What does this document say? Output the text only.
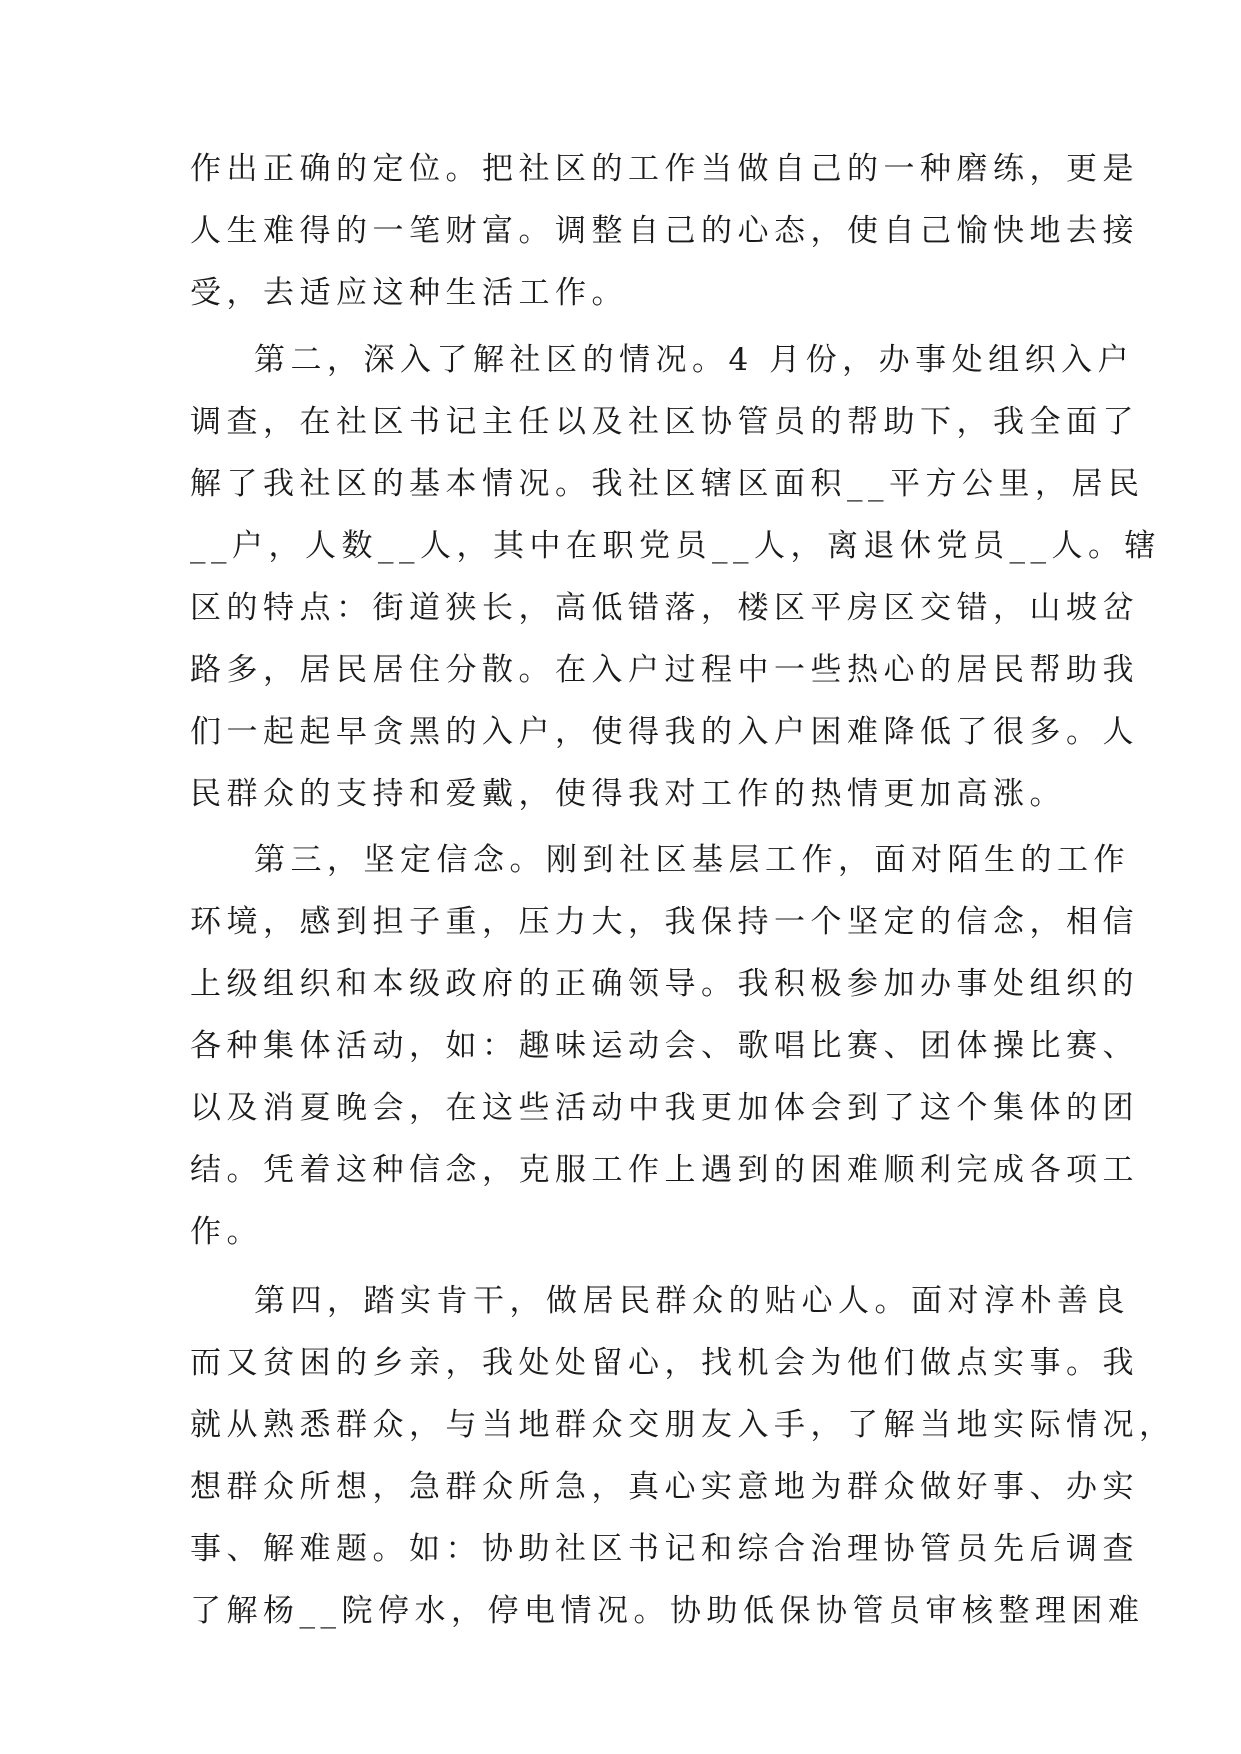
作出正确的定位。把社区的工作当做自己的一种磨练，更是
人生难得的一笔财富。调整自己的心态，使自己愉快地去接
受，去适应这种生活工作。
第二，深入了解社区的情况。4 月份，办事处组织入户
调查，在社区书记主任以及社区协管员的帮助下，我全面了
解了我社区的基本情况。我社区辖区面积__平方公里，居民
__户，人数__人，其中在职党员__人，离退休党员__人。辖
区的特点：街道狭长，高低错落，楼区平房区交错，山坡岔
路多，居民居住分散。在入户过程中一些热心的居民帮助我
们一起起早贪黑的入户，使得我的入户困难降低了很多。人
民群众的支持和爱戴，使得我对工作的热情更加高涨。
第三，坚定信念。刚到社区基层工作，面对陌生的工作
环境，感到担子重，压力大，我保持一个坚定的信念，相信
上级组织和本级政府的正确领导。我积极参加办事处组织的
各种集体活动，如：趣味运动会、歌唱比赛、团体操比赛、
以及消夏晚会，在这些活动中我更加体会到了这个集体的团
结。凭着这种信念，克服工作上遇到的困难顺利完成各项工
作。
第四，踏实肯干，做居民群众的贴心人。面对淳朴善良
而又贫困的乡亲，我处处留心，找机会为他们做点实事。我
就从熟悉群众，与当地群众交朋友入手，了解当地实际情况，
想群众所想，急群众所急，真心实意地为群众做好事、办实
事、解难题。如：协助社区书记和综合治理协管员先后调查
了解杨__院停水，停电情况。协助低保协管员审核整理困难
